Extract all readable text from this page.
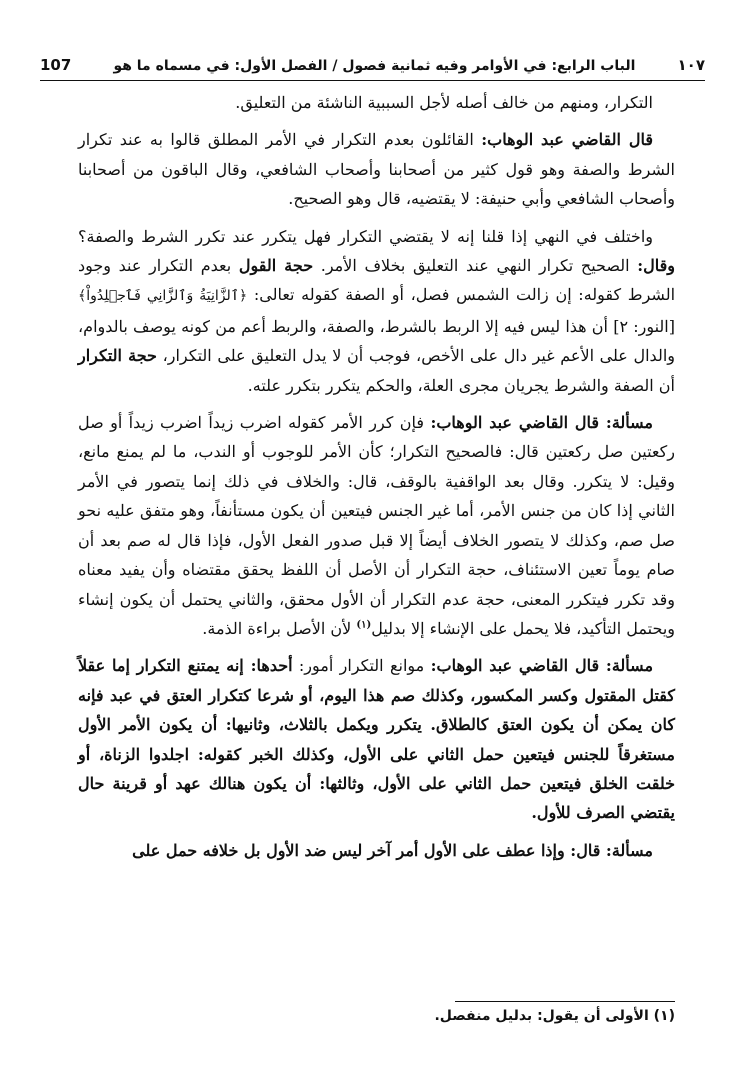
107	الباب الرابع: في الأوامر وفيه ثمانية فصول / الفصل الأول: في مسماه ما هو	١٠٧

التكرار، ومنهم من خالف أصله لأجل السببية الناشئة من التعليق.

قال القاضي عبد الوهاب: القائلون بعدم التكرار في الأمر المطلق قالوا به عند تكرار الشرط والصفة وهو قول كثير من أصحابنا وأصحاب الشافعي، وقال الباقون من أصحابنا وأصحاب الشافعي وأبي حنيفة: لا يقتضيه، قال وهو الصحيح.

واختلف في النهي إذا قلنا إنه لا يقتضي التكرار فهل يتكرر عند تكرر الشرط والصفة؟ وقال: الصحيح تكرار النهي عند التعليق بخلاف الأمر. حجة القول بعدم التكرار عند وجود الشرط كقوله: إن زالت الشمس فصل، أو الصفة كقوله تعالى: ﴿ٱلزَّانِيَةُ وَٱلزَّانِي فَٱجۡلِدُواْ﴾ [النور: ٢] أن هذا ليس فيه إلا الربط بالشرط، والصفة، والربط أعم من كونه يوصف بالدوام، والدال على الأعم غير دال على الأخص، فوجب أن لا يدل التعليق على التكرار، حجة التكرار أن الصفة والشرط يجريان مجرى العلة، والحكم يتكرر بتكرر علته.

مسألة: قال القاضي عبد الوهاب: فإن كرر الأمر كقوله اضرب زيداً اضرب زيداً أو صل ركعتين صل ركعتين قال: فالصحيح التكرار؛ كأن الأمر للوجوب أو الندب، ما لم يمنع مانع، وقيل: لا يتكرر. وقال بعد الواقفية بالوقف، قال: والخلاف في ذلك إنما يتصور في الأمر الثاني إذا كان من جنس الأمر، أما غير الجنس فيتعين أن يكون مستأنفاً، وهو متفق عليه نحو صل صم، وكذلك لا يتصور الخلاف أيضاً إلا قبل صدور الفعل الأول، فإذا قال له صم بعد أن صام يوماً تعين الاستئناف، حجة التكرار أن الأصل أن اللفظ يحقق مقتضاه وأن يفيد معناه وقد تكرر فيتكرر المعنى، حجة عدم التكرار أن الأول محقق، والثاني يحتمل أن يكون إنشاء ويحتمل التأكيد، فلا يحمل على الإنشاء إلا بدليل$^{(١)}$ لأن الأصل براءة الذمة.

مسألة: قال القاضي عبد الوهاب: موانع التكرار أمور: أحدها: إنه يمتنع التكرار إما عقلاً كقتل المقتول وكسر المكسور، وكذلك صم هذا اليوم، أو شرعا كتكرار العتق في عبد فإنه كان يمكن أن يكون العتق كالطلاق. يتكرر ويكمل بالثلاث، وثانيها: أن يكون الأمر الأول مستغرقاً للجنس فيتعين حمل الثاني على الأول، وكذلك الخبر كقوله: اجلدوا الزناة، أو خلقت الخلق فيتعين حمل الثاني على الأول، وثالثها: أن يكون هنالك عهد أو قرينة حال يقتضي الصرف للأول.

مسألة: قال: وإذا عطف على الأول أمر آخر ليس ضد الأول بل خلافه حمل على

(١) الأولى أن يقول: بدليل منفصل.
